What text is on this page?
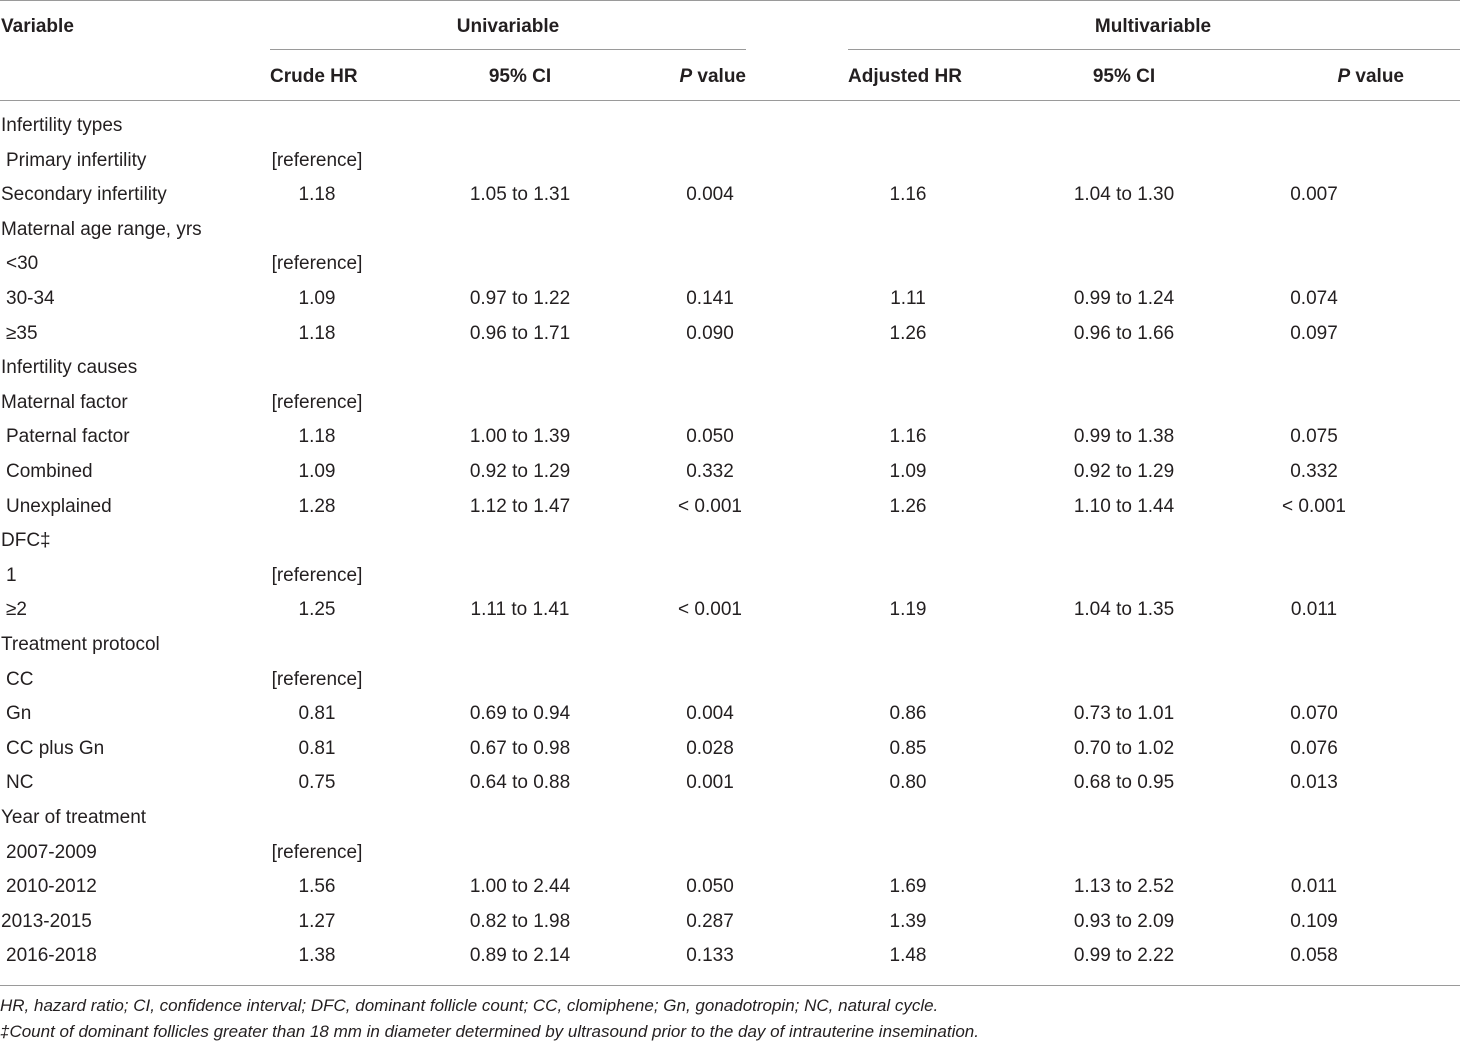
Variable	Univariable	Multivariable
Crude HR	95% CI	P value	Adjusted HR	95% CI	P value
Infertility types
Primary infertility	[reference]
Secondary infertility	1.18	1.05 to 1.31	0.004	1.16	1.04 to 1.30	0.007
Maternal age range, yrs
<30	[reference]
30-34	1.09	0.97 to 1.22	0.141	1.11	0.99 to 1.24	0.074
≥35	1.18	0.96 to 1.71	0.090	1.26	0.96 to 1.66	0.097
Infertility causes
Maternal factor	[reference]
Paternal factor	1.18	1.00 to 1.39	0.050	1.16	0.99 to 1.38	0.075
Combined	1.09	0.92 to 1.29	0.332	1.09	0.92 to 1.29	0.332
Unexplained	1.28	1.12 to 1.47	< 0.001	1.26	1.10 to 1.44	< 0.001
DFC‡
1	[reference]
≥2	1.25	1.11 to 1.41	< 0.001	1.19	1.04 to 1.35	0.011
Treatment protocol
CC	[reference]
Gn	0.81	0.69 to 0.94	0.004	0.86	0.73 to 1.01	0.070
CC plus Gn	0.81	0.67 to 0.98	0.028	0.85	0.70 to 1.02	0.076
NC	0.75	0.64 to 0.88	0.001	0.80	0.68 to 0.95	0.013
Year of treatment
2007-2009	[reference]
2010-2012	1.56	1.00 to 2.44	0.050	1.69	1.13 to 2.52	0.011
2013-2015	1.27	0.82 to 1.98	0.287	1.39	0.93 to 2.09	0.109
2016-2018	1.38	0.89 to 2.14	0.133	1.48	0.99 to 2.22	0.058
HR, hazard ratio; CI, confidence interval; DFC, dominant follicle count; CC, clomiphene; Gn, gonadotropin; NC, natural cycle.
‡Count of dominant follicles greater than 18 mm in diameter determined by ultrasound prior to the day of intrauterine insemination.
